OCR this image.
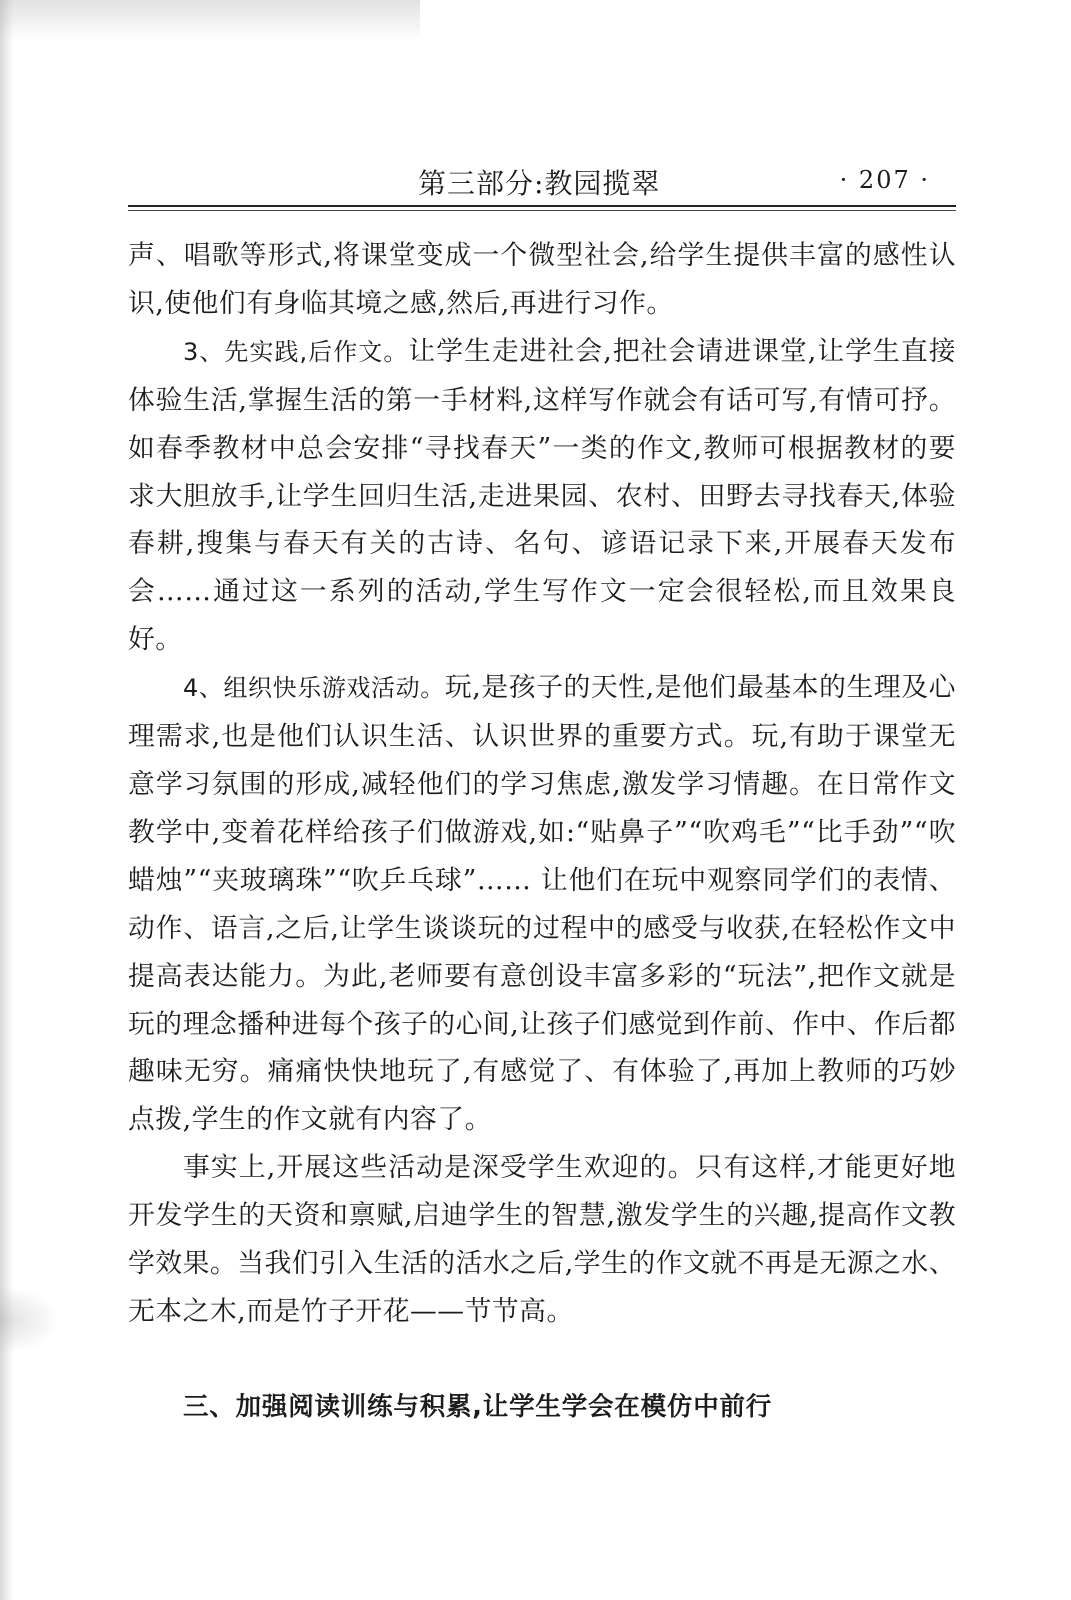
第三部分:教园揽翠	· 207 ·

声、唱歌等形式,将课堂变成一个微型社会,给学生提供丰富的感性认识,使他们有身临其境之感,然后,再进行习作。

3、先实践,后作文。让学生走进社会,把社会请进课堂,让学生直接体验生活,掌握生活的第一手材料,这样写作就会有话可写,有情可抒。如春季教材中总会安排“寻找春天”一类的作文,教师可根据教材的要求大胆放手,让学生回归生活,走进果园、农村、田野去寻找春天,体验春耕,搜集与春天有关的古诗、名句、谚语记录下来,开展春天发布会……通过这一系列的活动,学生写作文一定会很轻松,而且效果良好。

4、组织快乐游戏活动。玩,是孩子的天性,是他们最基本的生理及心理需求,也是他们认识生活、认识世界的重要方式。玩,有助于课堂无意学习氛围的形成,减轻他们的学习焦虑,激发学习情趣。在日常作文教学中,变着花样给孩子们做游戏,如:“贴鼻子”“吹鸡毛”“比手劲”“吹蜡烛”“夹玻璃珠”“吹乒乓球”…… 让他们在玩中观察同学们的表情、动作、语言,之后,让学生谈谈玩的过程中的感受与收获,在轻松作文中提高表达能力。为此,老师要有意创设丰富多彩的“玩法”,把作文就是玩的理念播种进每个孩子的心间,让孩子们感觉到作前、作中、作后都趣味无穷。痛痛快快地玩了,有感觉了、有体验了,再加上教师的巧妙点拨,学生的作文就有内容了。

事实上,开展这些活动是深受学生欢迎的。只有这样,才能更好地开发学生的天资和禀赋,启迪学生的智慧,激发学生的兴趣,提高作文教学效果。当我们引入生活的活水之后,学生的作文就不再是无源之水、无本之木,而是竹子开花——节节高。

三、加强阅读训练与积累,让学生学会在模仿中前行
